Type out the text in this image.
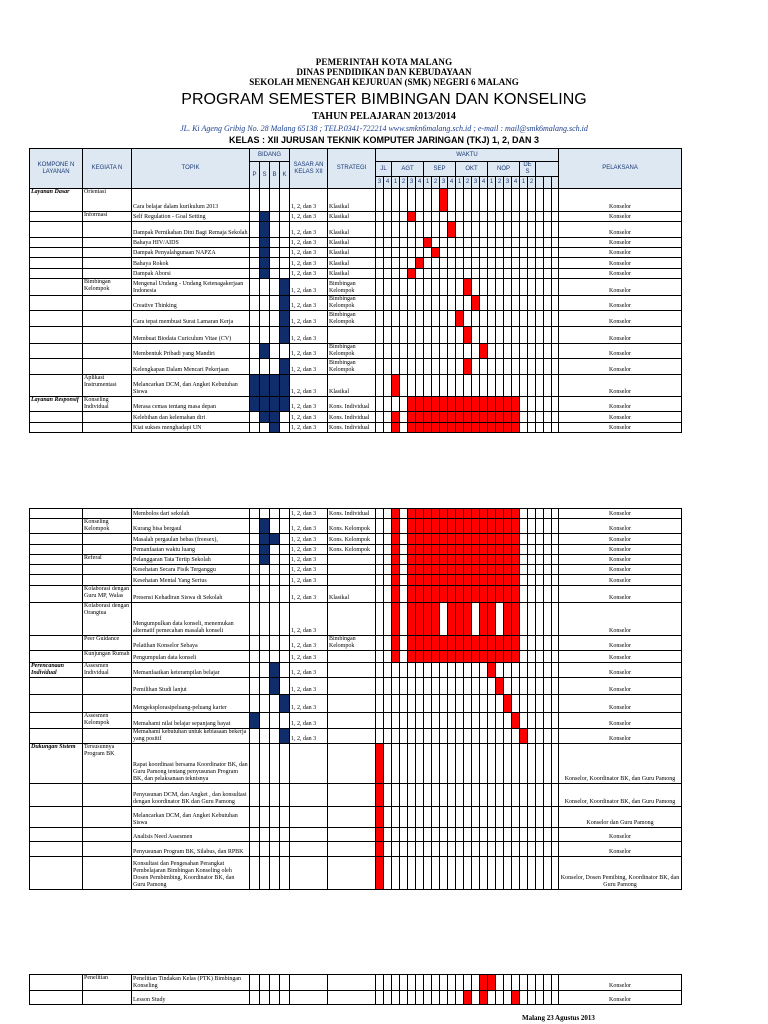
PEMERINTAH KOTA MALANG
DINAS PENDIDIKAN DAN KEBUDAYAAN
SEKOLAH MENENGAH KEJURUAN (SMK) NEGERI 6 MALANG
PROGRAM SEMESTER BIMBINGAN DAN KONSELING
TAHUN PELAJARAN 2013/2014
JL. Ki Ageng Gribig No. 28 Malang 65138 ; TELP.0341-722214 www.smkn6malang.sch.id ; e-mail : mail@smk6malang.sch.id
KELAS : XII JURUSAN TEKNIK KOMPUTER JARINGAN (TKJ) 1, 2, DAN 3
KOMPONE N LAYANAN	KEGIATA N	TOPIK	BIDANG				SASAR AN KELAS XII	STRATEGI	WAKTU																							PELAKSANA
			P	S	B	K			JL		AGT				SEP				OKT				NOP				DE S					
									3	4	1	2	3	4	1	2	3	4	1	2	3	4	1	2	3	4	1	2				
Layanan Dasar	Orientasi	Cara belajar dalam kurikulum 2013					1, 2, dan 3	Klasikal																								Konselor
	Informasi	Self Regulation - Goal Setting					1, 2, dan 3	Klasikal																								Konselor
		Dampak Pernikahan Dini Bagi Remaja Sekolah					1, 2, dan 3	Klasikal																								Konselor
		Bahaya HIV/AIDS					1, 2, dan 3	Klasikal																								Konselor
		Dampak Penyalahgunaan NAPZA					1, 2, dan 3	Klasikal																								Konselor
		Bahaya Rokok					1, 2, dan 3	Klasikal																								Konselor
		Dampak Aborsi					1, 2, dan 3	Klasikal																								Konselor
	Bimbingan Kelompok	Mengenal Undang - Undang Ketenagakerjaan Indonesia					1, 2, dan 3	Bimbingan Kelompok																								Konselor
		Creative Thinking					1, 2, dan 3	Bimbingan Kelompok																								Konselor
		Cara tepat membuat Surat Lamaran Kerja					1, 2, dan 3	Bimbingan Kelompok																								Konselor
		Membuat Biodata Curiculum Vitae (CV)					1, 2, dan 3																									Konselor
		Membentuk Pribadi yang Mandiri					1, 2, dan 3	Bimbingan Kelompok																								Konselor
		Kelengkapan Dalam Mencari Pekerjaan					1, 2, dan 3	Bimbingan Kelompok																								Konselor
	Aplikasi Instrumentasi	Melancarkan DCM, dan Angket Kebutuhan Siswa					1, 2, dan 3	Klasikal																								Konselor
Layanan Responsif	Konseling Individual	Merasa cemas tentang masa depan					1, 2, dan 3	Kons. Individual																								Konselor
		Kelebihan dan kelemahan diri					1, 2, dan 3	Kons. Individual																								Konselor
		Kiat sukses menghadapi UN					1, 2, dan 3	Kons. Individual																								Konselor
		Membolos dari sekolah					1, 2, dan 3	Kons. Individual																								Konselor
	Konseling Kelompok	Kurang bisa bergaul					1, 2, dan 3	Kons. Kelompok																								Konselor
		Masalah pergaulan bebas (freesex),					1, 2, dan 3	Kons. Kelompok																								Konselor
		Pemanfaatan waktu luang					1, 2, dan 3	Kons. Kelompok																								Konselor
	Referal	Pelanggaran Tata Tertip Sekolah					1, 2, dan 3																									Konselor
		Kesehatan Secara Fisik Terganggu					1, 2, dan 3																									Konselor
		Kesehatan Mental Yang Serius					1, 2, dan 3																									Konselor
	Kolaborasi dengan Guru MP, Walas	Presensi Kehadiran Siswa di Sekolah					1, 2, dan 3	Klasikal																								Konselor
	Kolaborasi dengan Orangtua	Mengumpulkan data konseli, menemukan alternatif pemecahan masalah konseli					1, 2, dan 3																									Konselor
	Peer Guidance	Pelatihan Konselor Sebaya					1, 2, dan 3	Bimbingan Kelompok																								Konselor
	Kunjungan Rumah	Pengumpulan data konseli					1, 2, dan 3																									Konselor
Perencanaan Individual	Assesmen Individual	Memanfaatkan keterampilan belajar					1, 2, dan 3																									Konselor
		Pemilihan Studi lanjut					1, 2, dan 3																									Konselor
		Mengeksplorasipeluang-peluang karier					1, 2, dan 3																									Konselor
	Assesmen Kelompok	Memahami nilai belajar sepanjang hayat					1, 2, dan 3																									Konselor
		Memahami kebutuhan untuk kebiasaan bekerja yang positif					1, 2, dan 3																									Konselor
Dukungan Sistem	Tersusunnya Program BK	Rapat koordinasi bersama Koordinator BK, dan Guru Pamong tentang penyusunan Program BK, dan pelaksanaan teknisnya																														Konselor, Koordinator BK, dan Guru Pamong
		Penyusunan DCM, dan Angket , dan konsultasi dengan koordinator BK dan Guru Pamong																														Konselor, Koordinator BK, dan Guru Pamong
		Melancarkan DCM, dan Angket Kebutuhan Siswa																														Konselor dan Guru Pamong
		Analisis Need Assesmen																														Konselor
		Penyusunan Program BK, Silabus, dan RPBK																														Konselor
		Konsultasi dan Pengesahan Perangkat Pembelajaran Bimbingan Konseling oleh Dosen Pembimbing, Koordinator BK, dan Guru Pamong																														Konselor, Dosen Pemibing, Koordinator BK, dan Guru Pamong
	Penelitian	Penelitian Tindakan Kelas (PTK) Bimbingan Konseling																														Konselor
		Lesson Study																														Konselor
Malang 23 Agustus 2013
